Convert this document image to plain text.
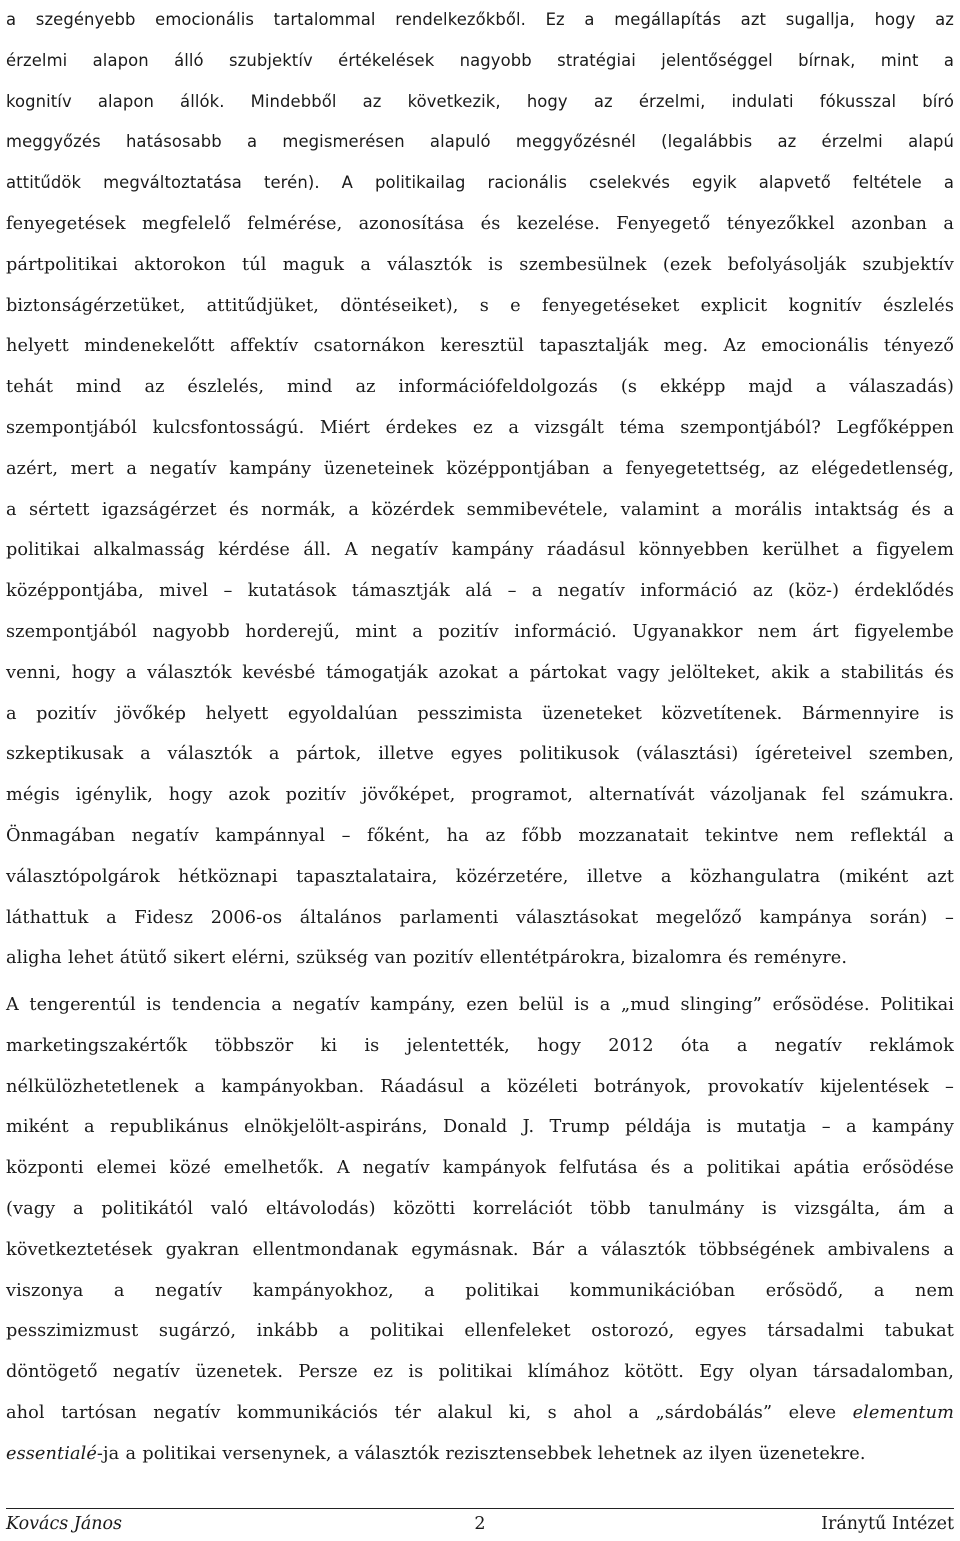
a szegényebb emocionális tartalommal rendelkezőkből. Ez a megállapítás azt sugallja, hogy az
érzelmi alapon álló szubjektív értékelések nagyobb stratégiai jelentőséggel bírnak, mint a
kognitív alapon állók. Mindebből az következik, hogy az érzelmi, indulati fókusszal bíró
meggyőzés hatásosabb a megismerésen alapuló meggyőzésnél (legalábbis az érzelmi alapú
attitűdök megváltoztatása terén). A politikailag racionális cselekvés egyik alapvető feltétele a
fenyegetések megfelelő felmérése, azonosítása és kezelése. Fenyegető tényezőkkel azonban a
pártpolitikai aktorokon túl maguk a választók is szembesülnek (ezek befolyásolják szubjektív
biztonságérzetüket, attitűdjüket, döntéseiket), s e fenyegetéseket explicit kognitív észlelés
helyett mindenekelőtt affektív csatornákon keresztül tapasztalják meg. Az emocionális tényező
tehát mind az észlelés, mind az információfeldolgozás (s ekképp majd a válaszadás)
szempontjából kulcsfontosságú. Miért érdekes ez a vizsgált téma szempontjából? Legfőképpen
azért, mert a negatív kampány üzeneteinek középpontjában a fenyegetettség, az elégedetlenség,
a sértett igazságérzet és normák, a közérdek semmibevétele, valamint a morális intaktság és a
politikai alkalmasság kérdése áll. A negatív kampány ráadásul könnyebben kerülhet a figyelem
középpontjába, mivel – kutatások támasztják alá – a negatív információ az (köz-) érdeklődés
szempontjából nagyobb horderejű, mint a pozitív információ. Ugyanakkor nem árt figyelembe
venni, hogy a választók kevésbé támogatják azokat a pártokat vagy jelölteket, akik a stabilitás és
a pozitív jövőkép helyett egyoldalúan pesszimista üzeneteket közvetítenek. Bármennyire is
szkeptikusak a választók a pártok, illetve egyes politikusok (választási) ígéreteivel szemben,
mégis igénylik, hogy azok pozitív jövőképet, programot, alternatívát vázoljanak fel számukra.
Önmagában negatív kampánnyal – főként, ha az főbb mozzanatait tekintve nem reflektál a
választópolgárok hétköznapi tapasztalataira, közérzetére, illetve a közhangulatra (miként azt
láthattuk a Fidesz 2006-os általános parlamenti választásokat megelőző kampánya során) –
aligha lehet átütő sikert elérni, szükség van pozitív ellentétpárokra, bizalomra és reményre.
A tengerentúl is tendencia a negatív kampány, ezen belül is a „mud slinging” erősödése. Politikai
marketingszakértők többször ki is jelentették, hogy 2012 óta a negatív reklámok
nélkülözhetetlenek a kampányokban. Ráadásul a közéleti botrányok, provokatív kijelentések –
miként a republikánus elnökjelölt-aspiráns, Donald J. Trump példája is mutatja – a kampány
központi elemei közé emelhetők. A negatív kampányok felfutása és a politikai apátia erősödése
(vagy a politikától való eltávolodás) közötti korrelációt több tanulmány is vizsgálta, ám a
következtetések gyakran ellentmondanak egymásnak. Bár a választók többségének ambivalens a
viszonya a negatív kampányokhoz, a politikai kommunikációban erősödő, a nem
pesszimizmust sugárzó, inkább a politikai ellenfeleket ostorozó, egyes társadalmi tabukat
döntögető negatív üzenetek. Persze ez is politikai klímához kötött. Egy olyan társadalomban,
ahol tartósan negatív kommunikációs tér alakul ki, s ahol a „sárdobálás” eleve elementum
essentialé-ja a politikai versenynek, a választók rezisztensebbek lehetnek az ilyen üzenetekre.
Kovács János	2	Iránytű Intézet
